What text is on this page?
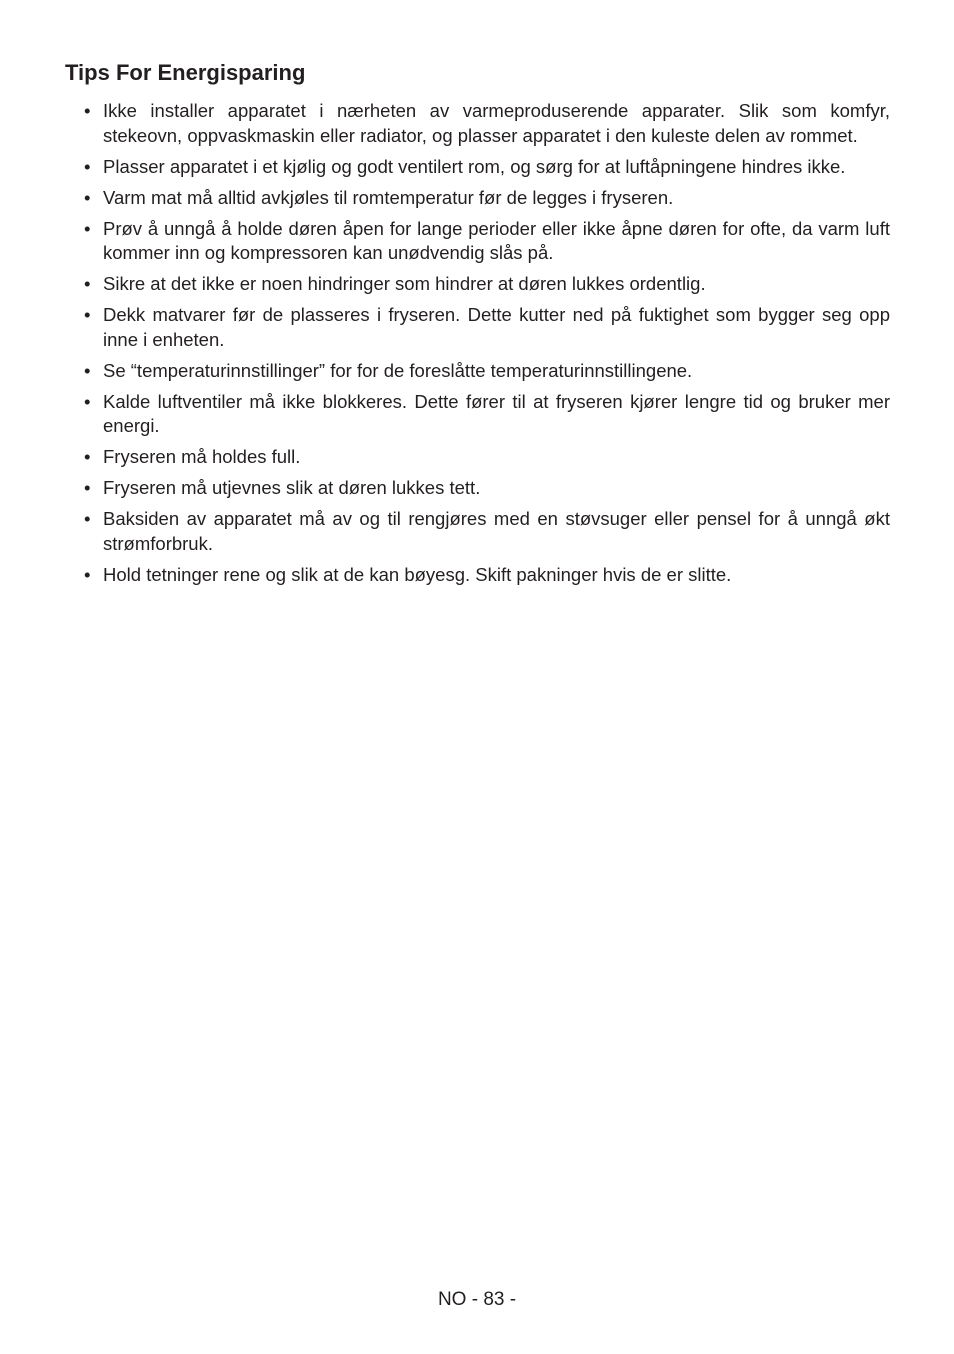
Tips For Energisparing
• Ikke installer apparatet i nærheten av varmeproduserende apparater. Slik som komfyr, stekeovn, oppvaskmaskin eller radiator, og plasser apparatet i den kuleste delen av rommet.
• Plasser apparatet i et kjølig og godt ventilert rom, og sørg for at luftåpningene hindres ikke.
• Varm mat må alltid avkjøles til romtemperatur før de legges i fryseren.
• Prøv å unngå å holde døren åpen for lange perioder eller ikke åpne døren for ofte, da varm luft kommer inn og kompressoren kan unødvendig slås på.
• Sikre at det ikke er noen hindringer som hindrer at døren lukkes ordentlig.
• Dekk matvarer før de plasseres i fryseren. Dette kutter ned på fuktighet som bygger seg opp inne i enheten.
• Se “temperaturinnstillinger” for for de foreslåtte temperaturinnstillingene.
• Kalde luftventiler må ikke blokkeres. Dette fører til at fryseren kjører lengre tid og bruker mer energi.
• Fryseren må holdes full.
• Fryseren må utjevnes slik at døren lukkes tett.
• Baksiden av apparatet må av og til rengjøres med en støvsuger eller pensel for å unngå økt strømforbruk.
• Hold tetninger rene og slik at de kan bøyesg. Skift pakninger hvis de er slitte.
NO - 83 -
